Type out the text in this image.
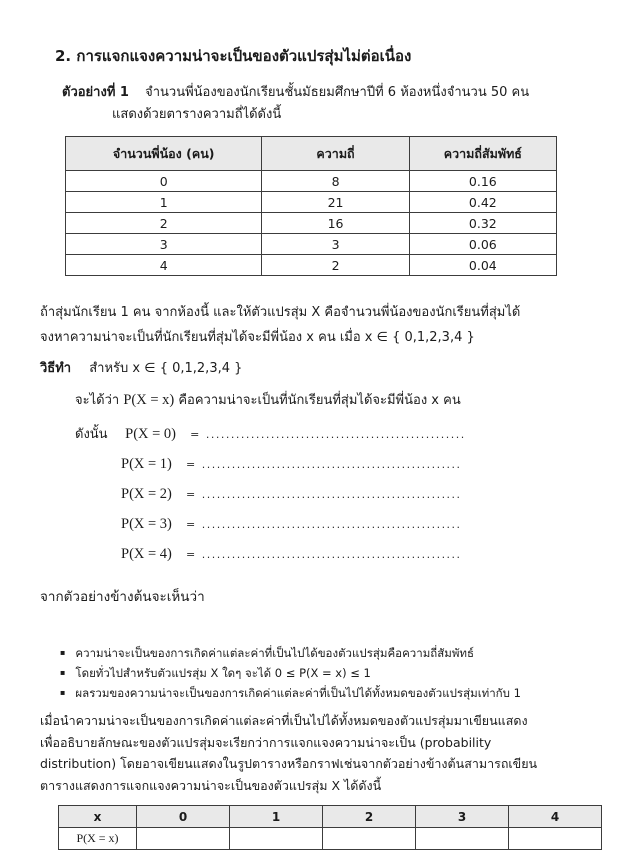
2. การแจกแจงความน่าจะเป็นของตัวแปรสุ่มไม่ต่อเนื่อง
ตัวอย่างที่ 1 จำนวนพี่น้องของนักเรียนชั้นมัธยมศึกษาปีที่ 6 ห้องหนึ่งจำนวน 50 คน
แสดงด้วยตารางความถี่ได้ดังนี้
จำนวนพี่น้อง (คน)	ความถี่	ความถี่สัมพัทธ์
0	8	0.16
1	21	0.42
2	16	0.32
3	3	0.06
4	2	0.04
ถ้าสุ่มนักเรียน 1 คน จากห้องนี้ และให้ตัวแปรสุ่ม X คือจำนวนพี่น้องของนักเรียนที่สุ่มได้
จงหาความน่าจะเป็นที่นักเรียนที่สุ่มได้จะมีพี่น้อง x คน เมื่อ x ∈ { 0,1,2,3,4 }
วิธีทำ สำหรับ x ∈ { 0,1,2,3,4 }
จะได้ว่า P(X = x) คือความน่าจะเป็นที่นักเรียนที่สุ่มได้จะมีพี่น้อง x คน
ดังนั้น P(X = 0) = ....................................................
P(X = 1) = ....................................................
P(X = 2) = ....................................................
P(X = 3) = ....................................................
P(X = 4) = ....................................................
จากตัวอย่างข้างต้นจะเห็นว่า
▪ ความน่าจะเป็นของการเกิดค่าแต่ละค่าที่เป็นไปได้ของตัวแปรสุ่มคือความถี่สัมพัทธ์
▪ โดยทั่วไปสำหรับตัวแปรสุ่ม X ใดๆ จะได้ 0 ≤ P(X = x) ≤ 1
▪ ผลรวมของความน่าจะเป็นของการเกิดค่าแต่ละค่าที่เป็นไปได้ทั้งหมดของตัวแปรสุ่มเท่ากับ 1
เมื่อนำความน่าจะเป็นของการเกิดค่าแต่ละค่าที่เป็นไปได้ทั้งหมดของตัวแปรสุ่มมาเขียนแสดง
เพื่ออธิบายลักษณะของตัวแปรสุ่มจะเรียกว่าการแจกแจงความน่าจะเป็น (probability
distribution) โดยอาจเขียนแสดงในรูปตารางหรือกราฟเช่นจากตัวอย่างข้างต้นสามารถเขียน
ตารางแสดงการแจกแจงความน่าจะเป็นของตัวแปรสุ่ม X ได้ดังนี้
x	0	1	2	3	4
P(X = x)					
